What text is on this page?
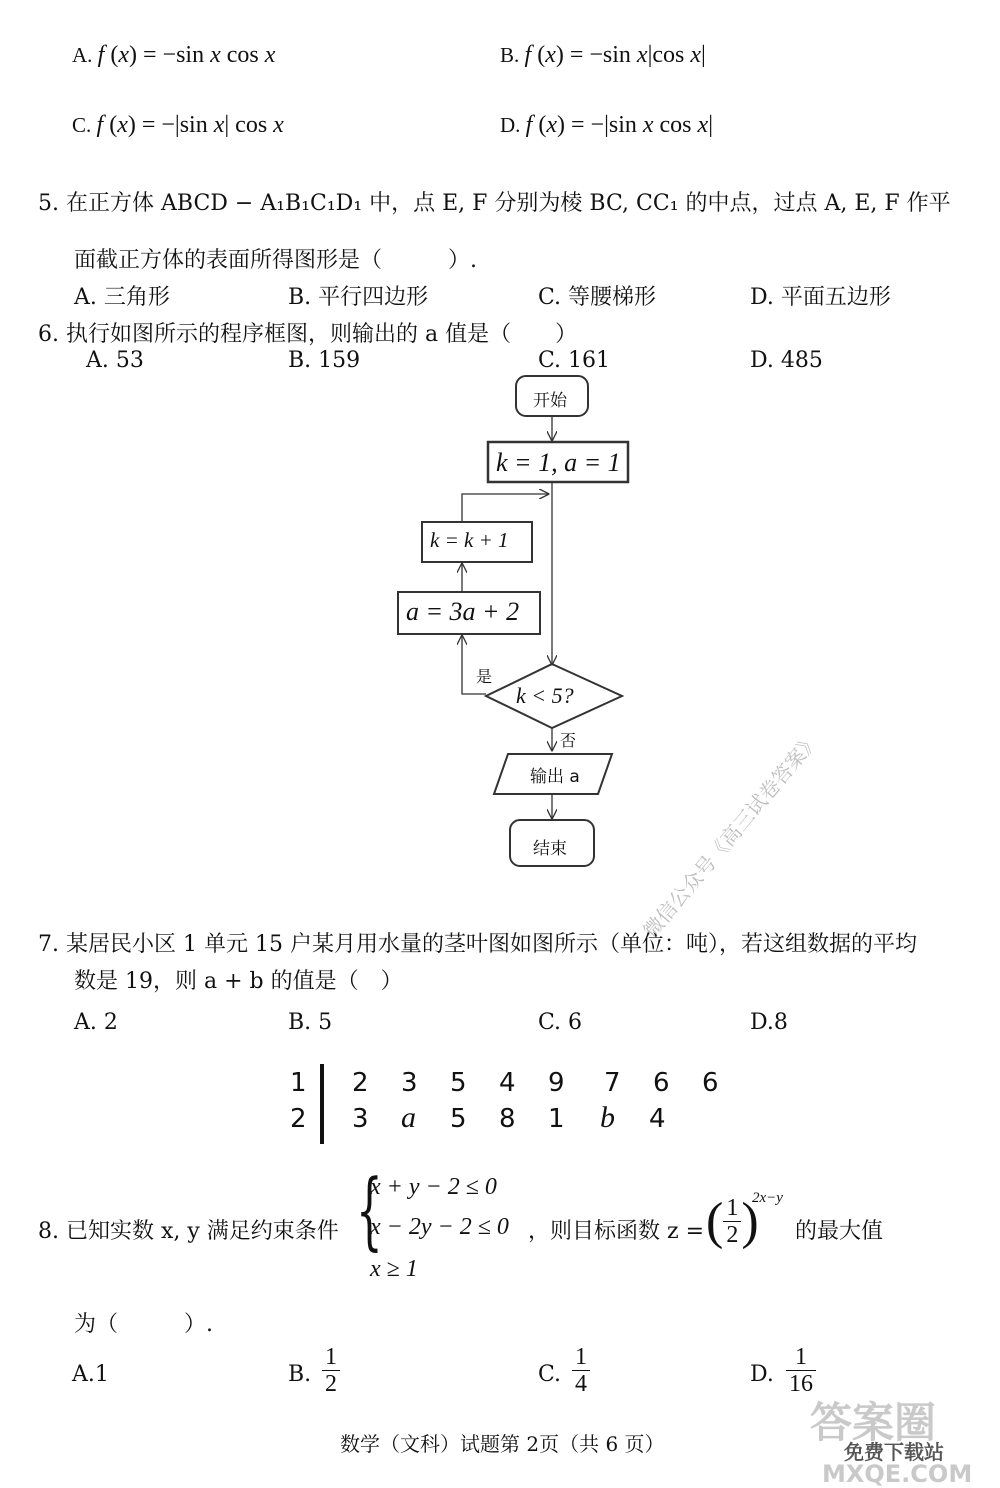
A. f (x) = −sin x cos x	B. f (x) = −sin x|cos x|
C. f (x) = −|sin x| cos x	D. f (x) = −|sin x cos x|
5. 在正方体 ABCD − A₁B₁C₁D₁ 中，点 E, F 分别为棱 BC, CC₁ 的中点，过点 A, E, F 作平
面截正方体的表面所得图形是（　　　）.
A. 三角形	B. 平行四边形	C. 等腰梯形	D. 平面五边形
6. 执行如图所示的程序框图，则输出的 a 值是（　　）
A. 53	B. 159	C. 161	D. 485
开始
k = 1, a = 1
k = k + 1
a = 3a + 2
k < 5?
是
否
输出 a
结束	微信公众号《高三试卷答案》
7. 某居民小区 1 单元 15 户某月用水量的茎叶图如图所示（单位：吨），若这组数据的平均
数是 19，则 a + b 的值是（　）
A. 2	B. 5	C. 6	D.8
1 2 3 5 4 9 7 6 6
2 3 a 5 8 1 b 4
8. 已知实数 x, y 满足约束条件 {
x + y − 2 ≤ 0
x − 2y − 2 ≤ 0
x ≥ 1
，则目标函数 z = ( $\frac{1}{2}$ )
2x−y
的最大值
为（　　　）.
A.1	B. $\frac{1}{2}$	C. $\frac{1}{4}$	D. $\frac{1}{16}$
数学（文科）试题第 2页（共 6 页）	答案圈
免费下载站
MXQE.COM
